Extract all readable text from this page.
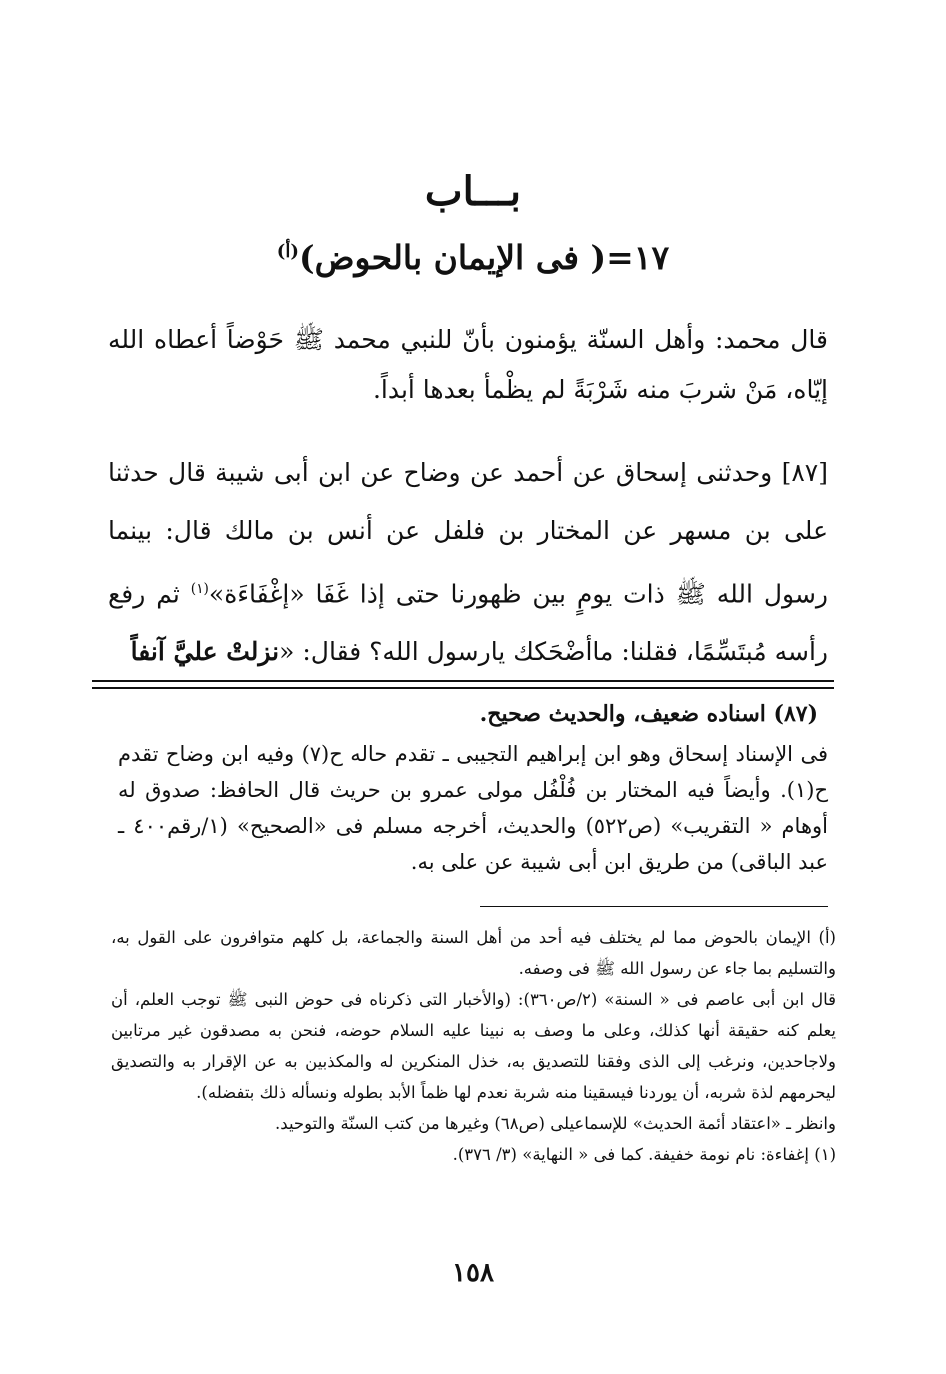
بـــاب
١٧=( فى الإيمان بالحوض)$^{(أ)}$
قال محمد: وأهل السنّة يؤمنون بأنّ للنبي محمد ﷺ حَوْضاً أعطاه الله إيّاه، مَنْ شربَ منه شَرْبَةً لم يظْمأ بعدها أبداً.
[٨٧] وحدثنى إسحاق عن أحمد عن وضاح عن ابن أبى شيبة قال حدثنا على بن مسهر عن المختار بن فلفل عن أنس بن مالك قال: بينما رسول الله ﷺ ذات يومٍ بين ظهورنا حتى إذا غَفَا «إغْفَاءَة»$^{(١)}$ ثم رفع رأسه مُبتَسِّمًا، فقلنا: ماأضْحَكك يارسول الله؟ فقال: «نزلتْ عليَّ آنفاً
(٨٧) اسناده ضعيف، والحديث صحيح.
فى الإسناد إسحاق وهو ابن إبراهيم التجيبى ـ تقدم حاله ح(٧) وفيه ابن وضاح تقدم ح(١). وأيضاً فيه المختار بن فُلْفُل مولى عمرو بن حريث قال الحافظ: صدوق له أوهام « التقريب» (ص٥٢٢) والحديث، أخرجه مسلم فى «الصحيح» (١/رقم٤٠٠ ـ عبد الباقى) من طريق ابن أبى شيبة عن على به.

(أ) الإيمان بالحوض مما لم يختلف فيه أحد من أهل السنة والجماعة، بل كلهم متوافرون على القول به، والتسليم بما جاء عن رسول الله ﷺ فى وصفه.

قال ابن أبى عاصم فى « السنة» (٢/ص٣٦٠): (والأخبار التى ذكرناه فى حوض النبى ﷺ توجب العلم، أن يعلم كنه حقيقة أنها كذلك، وعلى ما وصف به نبينا عليه السلام حوضه، فنحن به مصدقون غير مرتابين ولاجاحدين، ونرغب إلى الذى وفقنا للتصديق به، خذل المنكرين له والمكذبين به عن الإقرار به والتصديق ليحرمهم لذة شربه، أن يوردنا فيسقينا منه شربة نعدم لها ظماً الأبد بطوله ونسأله ذلك بتفضله).

وانظر ـ «اعتقاد أئمة الحديث» للإسماعيلى (ص٦٨) وغيرها من كتب السنّة والتوحيد.

(١) إغفاءة: نام نومة خفيفة. كما فى « النهاية» (٣/ ٣٧٦).

١٥٨
